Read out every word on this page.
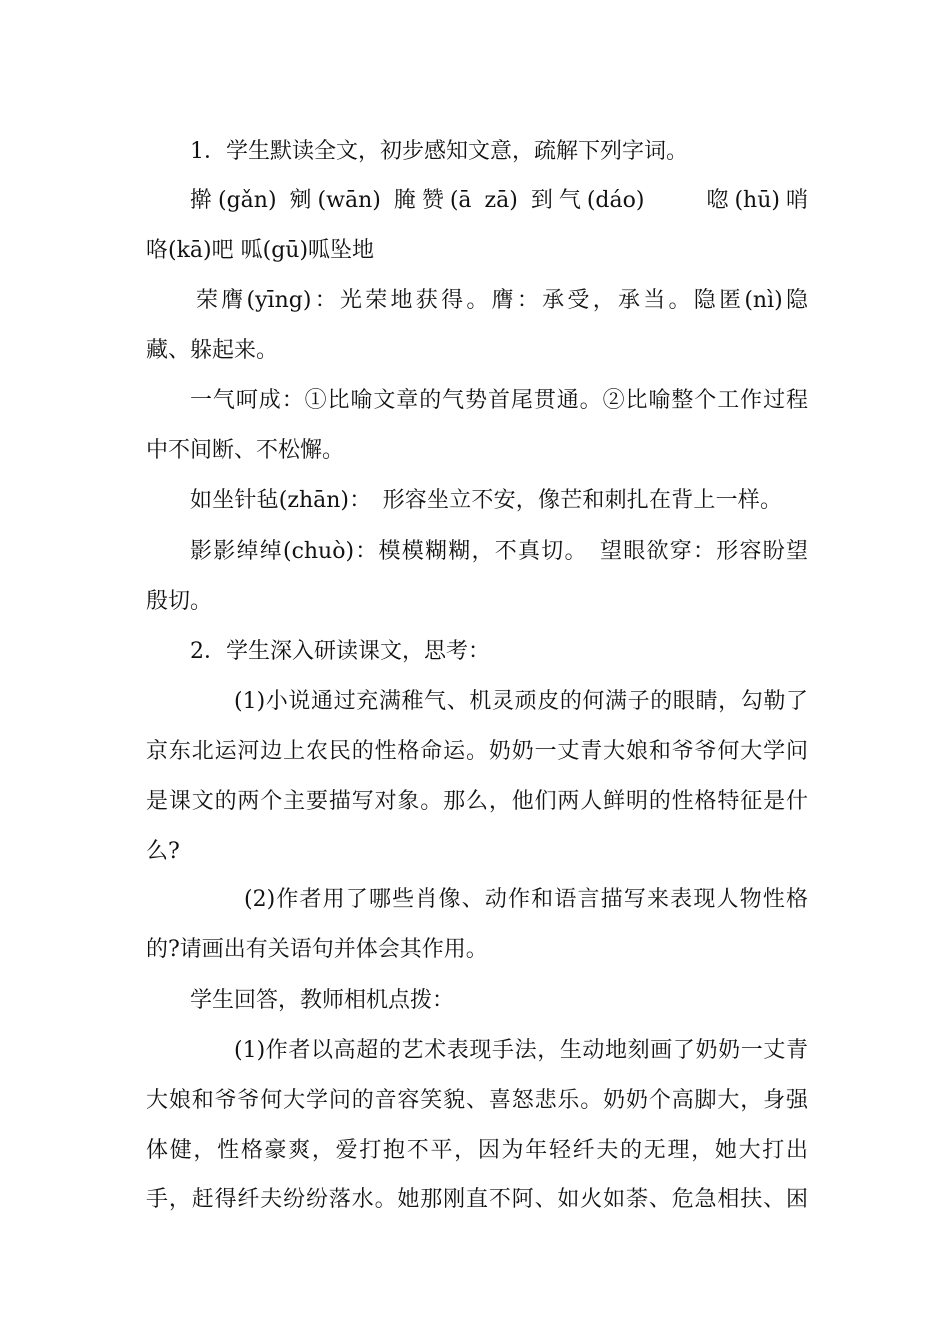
1．学生默读全文，初步感知文意，疏解下列字词。
擀(gǎn) 剜(wān) 腌赞(ā zā) 到气(dáo)　　唿(hū)哨
咯(kā)吧 呱(gū)呱坠地
荣膺(yīng)：光荣地获得。膺：承受，承当。隐匿(nì)隐
藏、躲起来。
一气呵成：①比喻文章的气势首尾贯通。②比喻整个工作过程
中不间断、不松懈。
如坐针毡(zhān)：　形容坐立不安，像芒和刺扎在背上一样。
影影绰绰(chuò)：模模糊糊，不真切。　望眼欲穿：形容盼望
殷切。
2．学生深入研读课文，思考：
(1)小说通过充满稚气、机灵顽皮的何满子的眼睛，勾勒了
京东北运河边上农民的性格命运。奶奶一丈青大娘和爷爷何大学问
是课文的两个主要描写对象。那么，他们两人鲜明的性格特征是什
么?
(2)作者用了哪些肖像、动作和语言描写来表现人物性格
的?请画出有关语句并体会其作用。
学生回答，教师相机点拨：
(1)作者以高超的艺术表现手法，生动地刻画了奶奶一丈青
大娘和爷爷何大学问的音容笑貌、喜怒悲乐。奶奶个高脚大，身强
体健，性格豪爽，爱打抱不平，因为年轻纤夫的无理，她大打出
手，赶得纤夫纷纷落水。她那刚直不阿、如火如荼、危急相扶、困
